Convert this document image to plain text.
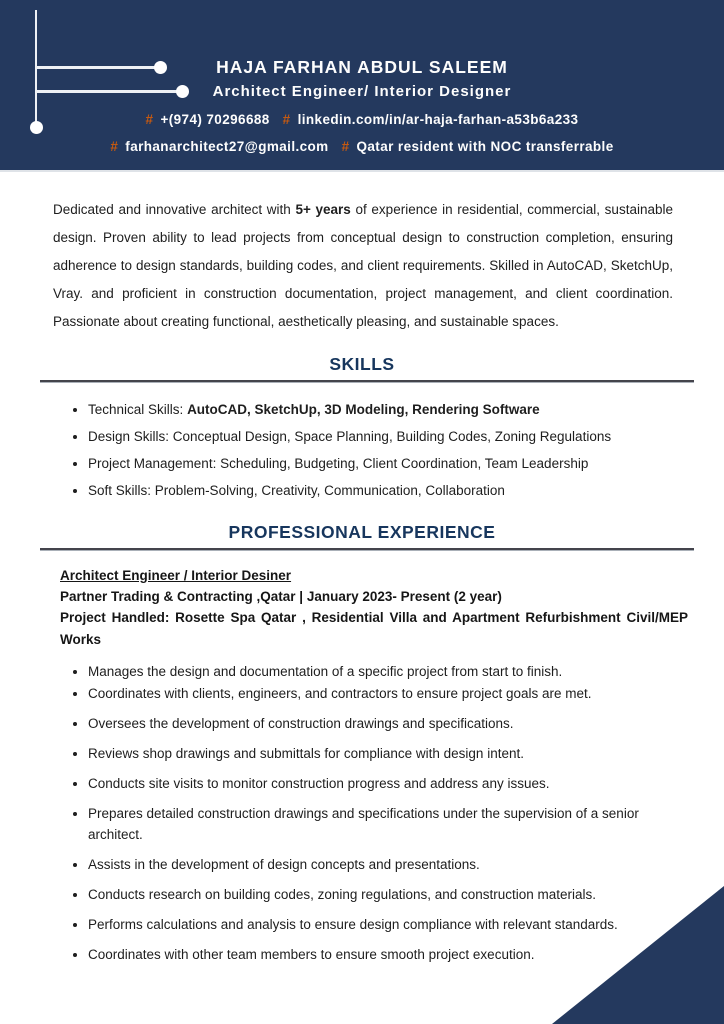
HAJA FARHAN ABDUL SALEEM
Architect Engineer/ Interior Designer
# +(974) 70296688 # linkedin.com/in/ar-haja-farhan-a53b6a233
# farhanarchitect27@gmail.com # Qatar resident with NOC transferrable

Dedicated and innovative architect with 5+ years of experience in residential, commercial, sustainable design. Proven ability to lead projects from conceptual design to construction completion, ensuring adherence to design standards, building codes, and client requirements. Skilled in AutoCAD, SketchUp, Vray. and proficient in construction documentation, project management, and client coordination. Passionate about creating functional, aesthetically pleasing, and sustainable spaces.

SKILLS
• Technical Skills: AutoCAD, SketchUp, 3D Modeling, Rendering Software
• Design Skills: Conceptual Design, Space Planning, Building Codes, Zoning Regulations
• Project Management: Scheduling, Budgeting, Client Coordination, Team Leadership
• Soft Skills: Problem-Solving, Creativity, Communication, Collaboration
PROFESSIONAL EXPERIENCE
Architect Engineer / Interior Desiner
Partner Trading & Contracting ,Qatar | January 2023- Present (2 year)
Project Handled: Rosette Spa Qatar , Residential Villa and Apartment Refurbishment Civil/MEP Works
• Manages the design and documentation of a specific project from start to finish.
• Coordinates with clients, engineers, and contractors to ensure project goals are met.
• Oversees the development of construction drawings and specifications.
• Reviews shop drawings and submittals for compliance with design intent.
• Conducts site visits to monitor construction progress and address any issues.
• Prepares detailed construction drawings and specifications under the supervision of a senior architect.
• Assists in the development of design concepts and presentations.
• Conducts research on building codes, zoning regulations, and construction materials.
• Performs calculations and analysis to ensure design compliance with relevant standards.
• Coordinates with other team members to ensure smooth project execution.
